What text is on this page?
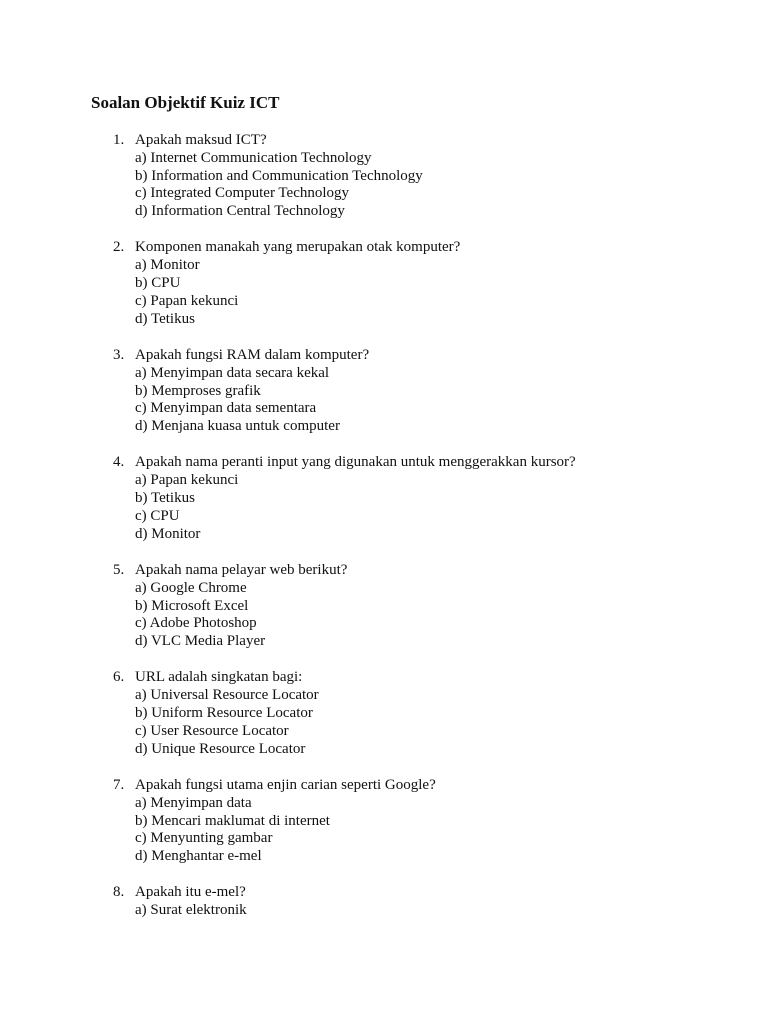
Soalan Objektif Kuiz ICT
1. Apakah maksud ICT?
a) Internet Communication Technology
b) Information and Communication Technology
c) Integrated Computer Technology
d) Information Central Technology
2. Komponen manakah yang merupakan otak komputer?
a) Monitor
b) CPU
c) Papan kekunci
d) Tetikus
3. Apakah fungsi RAM dalam komputer?
a) Menyimpan data secara kekal
b) Memproses grafik
c) Menyimpan data sementara
d) Menjana kuasa untuk computer
4. Apakah nama peranti input yang digunakan untuk menggerakkan kursor?
a) Papan kekunci
b) Tetikus
c) CPU
d) Monitor
5. Apakah nama pelayar web berikut?
a) Google Chrome
b) Microsoft Excel
c) Adobe Photoshop
d) VLC Media Player
6. URL adalah singkatan bagi:
a) Universal Resource Locator
b) Uniform Resource Locator
c) User Resource Locator
d) Unique Resource Locator
7. Apakah fungsi utama enjin carian seperti Google?
a) Menyimpan data
b) Mencari maklumat di internet
c) Menyunting gambar
d) Menghantar e-mel
8. Apakah itu e-mel?
a) Surat elektronik
